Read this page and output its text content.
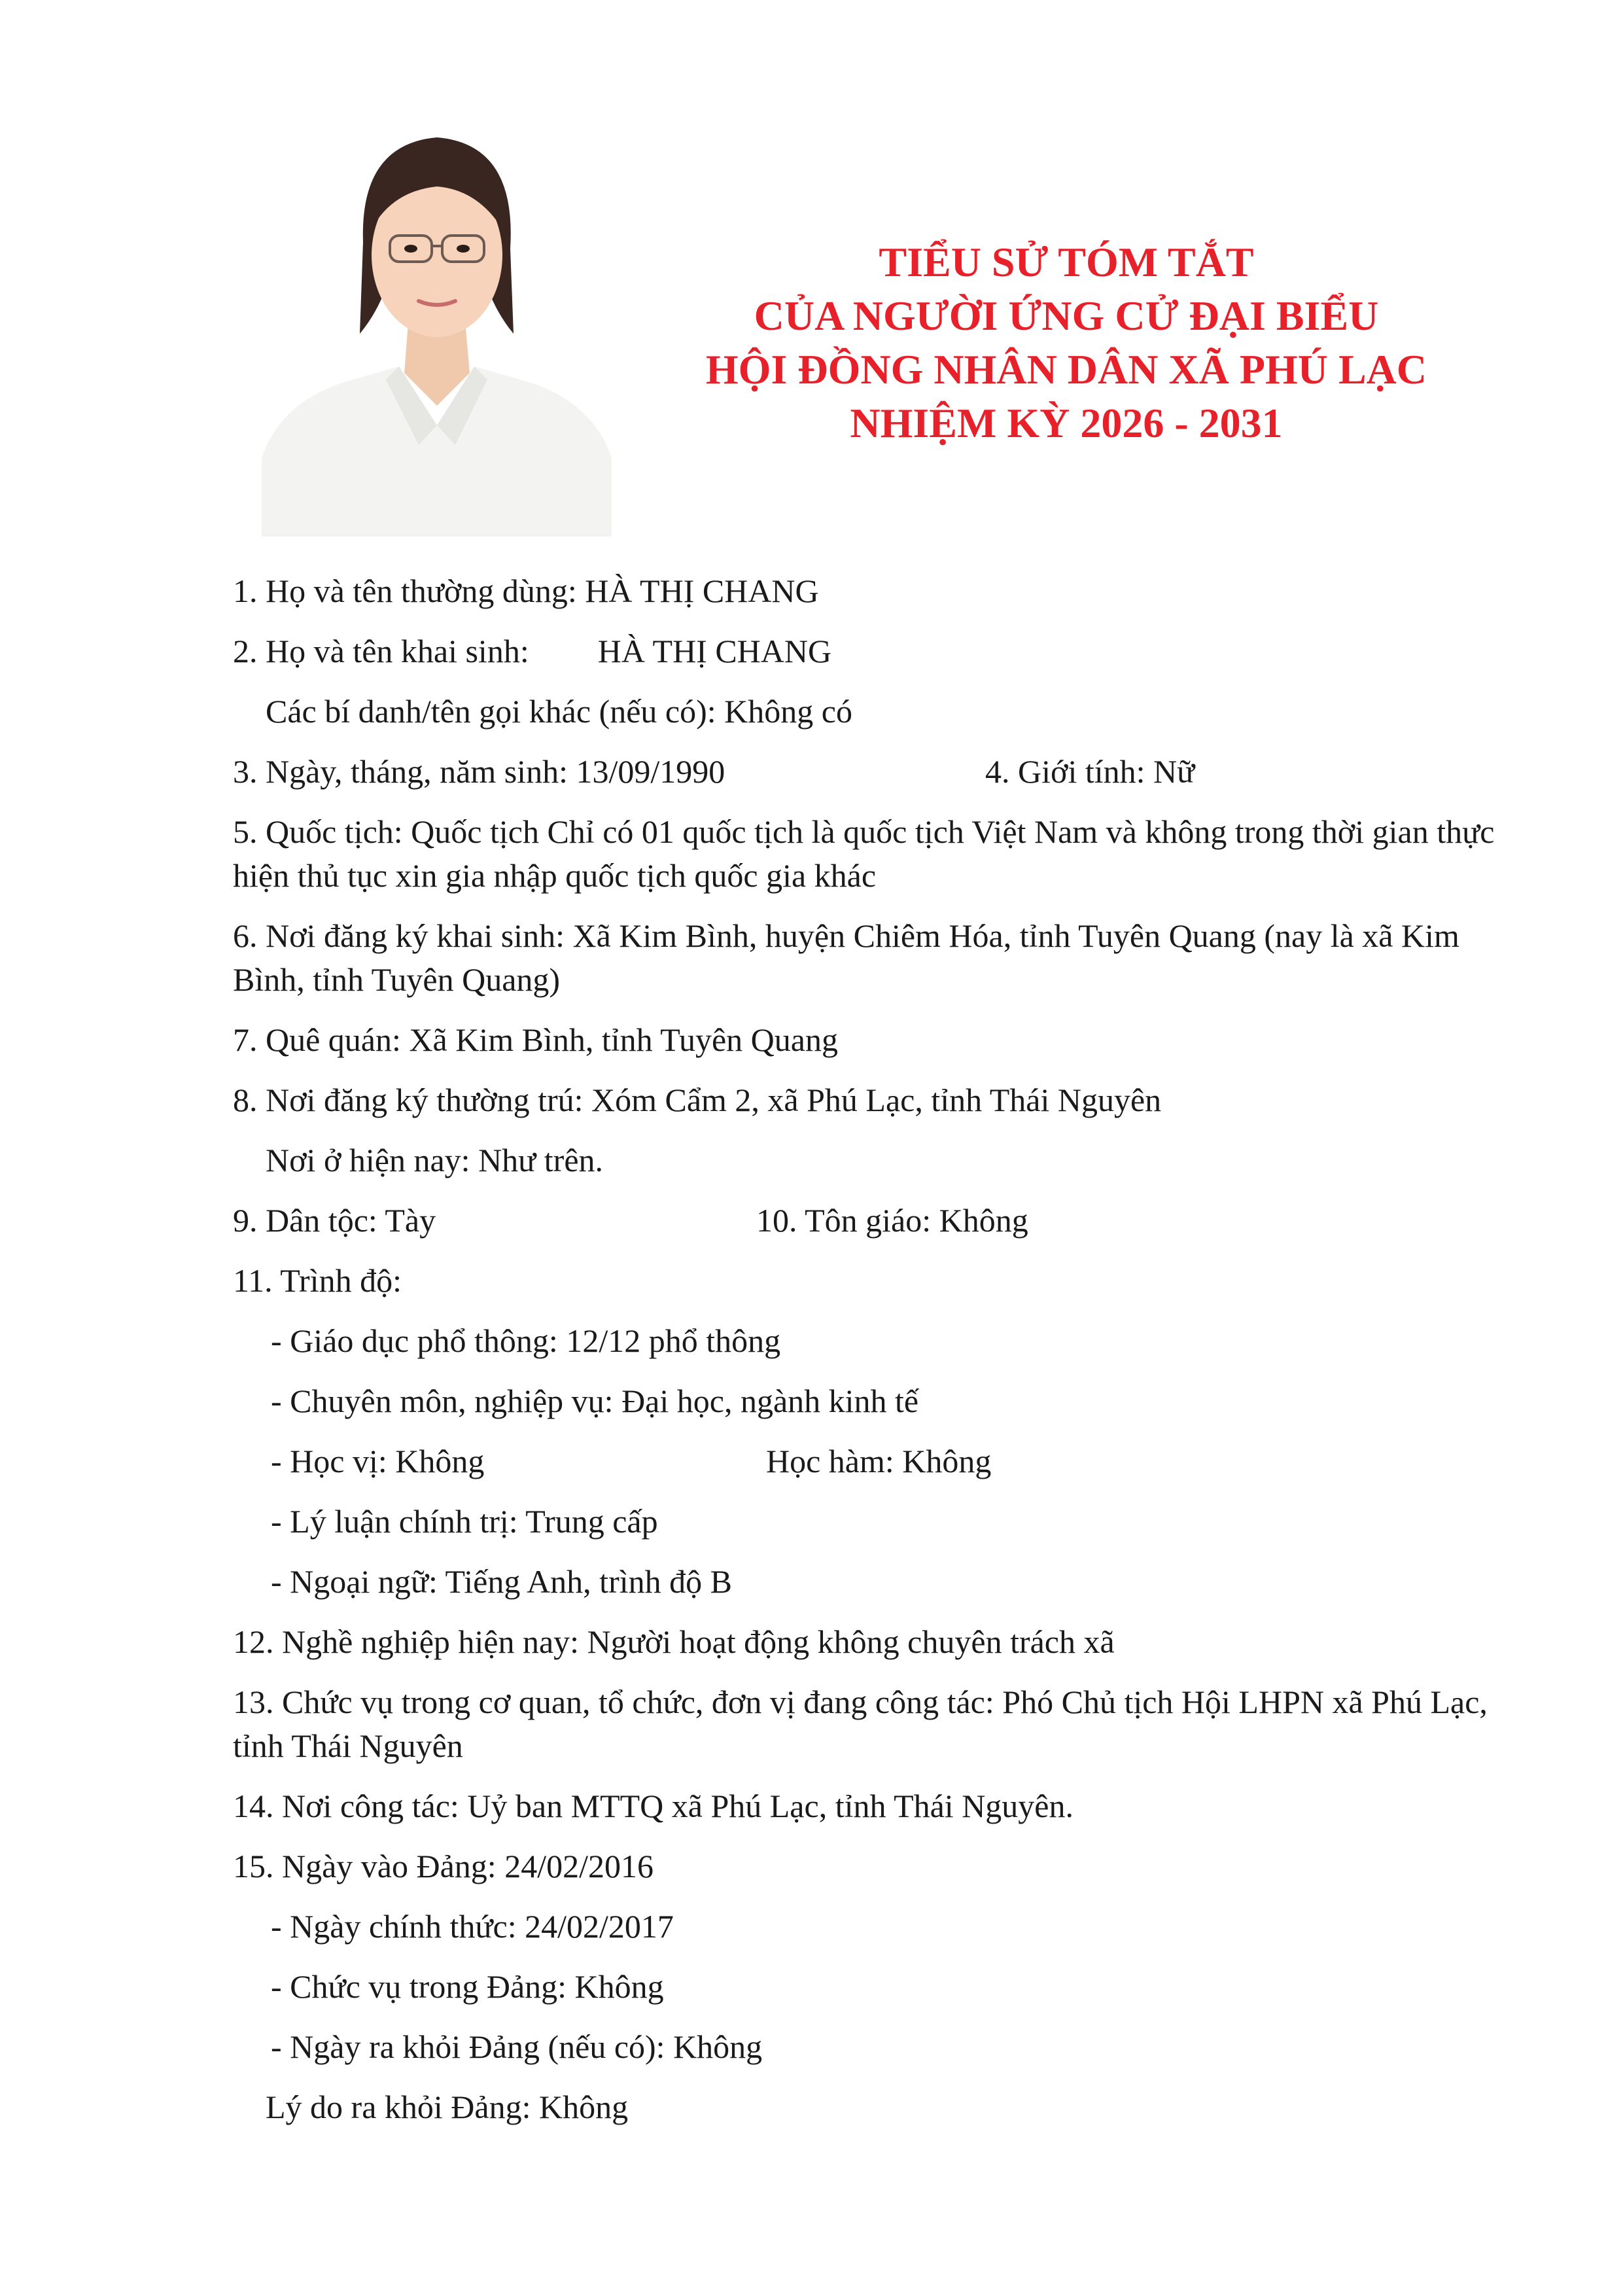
TIỂU SỬ TÓM TẮT
CỦA NGƯỜI ỨNG CỬ ĐẠI BIỂU
HỘI ĐỒNG NHÂN DÂN XÃ PHÚ LẠC
NHIỆM KỲ 2026 - 2031
1. Họ và tên thường dùng: HÀ THỊ CHANG
2. Họ và tên khai sinh: HÀ THỊ CHANG
Các bí danh/tên gọi khác (nếu có): Không có
3. Ngày, tháng, năm sinh: 13/09/1990	4. Giới tính: Nữ
5. Quốc tịch: Quốc tịch Chỉ có 01 quốc tịch là quốc tịch Việt Nam và không trong thời gian thực hiện thủ tục xin gia nhập quốc tịch quốc gia khác
6. Nơi đăng ký khai sinh: Xã Kim Bình, huyện Chiêm Hóa, tỉnh Tuyên Quang (nay là xã Kim Bình, tỉnh Tuyên Quang)
7. Quê quán: Xã Kim Bình, tỉnh Tuyên Quang
8. Nơi đăng ký thường trú: Xóm Cẩm 2, xã Phú Lạc, tỉnh Thái Nguyên
Nơi ở hiện nay: Như trên.
9. Dân tộc: Tày	10. Tôn giáo: Không
11. Trình độ:
- Giáo dục phổ thông: 12/12 phổ thông
- Chuyên môn, nghiệp vụ: Đại học, ngành kinh tế
- Học vị: Không	Học hàm: Không
- Lý luận chính trị: Trung cấp
- Ngoại ngữ: Tiếng Anh, trình độ B
12. Nghề nghiệp hiện nay: Người hoạt động không chuyên trách xã
13. Chức vụ trong cơ quan, tổ chức, đơn vị đang công tác: Phó Chủ tịch Hội LHPN xã Phú Lạc, tỉnh Thái Nguyên
14. Nơi công tác: Uỷ ban MTTQ xã Phú Lạc, tỉnh Thái Nguyên.
15. Ngày vào Đảng: 24/02/2016
- Ngày chính thức: 24/02/2017
- Chức vụ trong Đảng: Không
- Ngày ra khỏi Đảng (nếu có): Không
Lý do ra khỏi Đảng: Không
